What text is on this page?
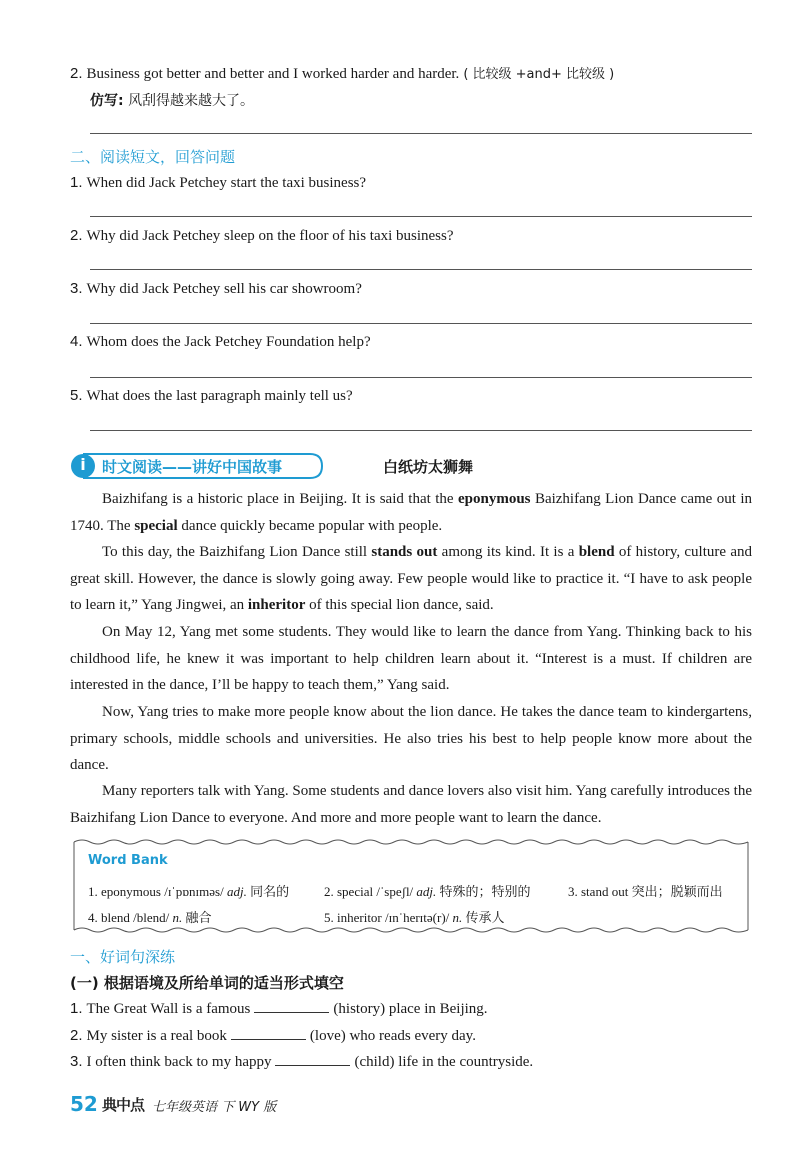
2. Business got better and better and I worked harder and harder. ( 比较级 +and+ 比较级 )
仿写: 风刮得越来越大了。
二、阅读短文，回答问题
1. When did Jack Petchey start the taxi business?
2. Why did Jack Petchey sleep on the floor of his taxi business?
3. Why did Jack Petchey sell his car showroom?
4. Whom does the Jack Petchey Foundation help?
5. What does the last paragraph mainly tell us?
i	时文阅读——讲好中国故事	白纸坊太狮舞
Baizhifang is a historic place in Beijing. It is said that the eponymous Baizhifang Lion Dance came out in 1740. The special dance quickly became popular with people.
To this day, the Baizhifang Lion Dance still stands out among its kind. It is a blend of history, culture and great skill. However, the dance is slowly going away. Few people would like to practice it. “I have to ask people to learn it,” Yang Jingwei, an inheritor of this special lion dance, said.
On May 12, Yang met some students. They would like to learn the dance from Yang. Thinking back to his childhood life, he knew it was important to help children learn about it. “Interest is a must. If children are interested in the dance, I’ll be happy to teach them,” Yang said.
Now, Yang tries to make more people know about the lion dance. He takes the dance team to kindergartens, primary schools, middle schools and universities. He also tries his best to help people know more about the dance.
Many reporters talk with Yang. Some students and dance lovers also visit him. Yang carefully introduces the Baizhifang Lion Dance to everyone. And more and more people want to learn the dance.
Word Bank
1. eponymous /ɪˈpɒnɪməs/ adj. 同名的	2. special /ˈspeʃl/ adj. 特殊的；特别的	3. stand out 突出；脱颖而出
4. blend /blend/ n. 融合	5. inheritor /ɪnˈherɪtə(r)/ n. 传承人
一、好词句深练
(一) 根据语境及所给单词的适当形式填空
1. The Great Wall is a famous	(history) place in Beijing.
2. My sister is a real book	(love) who reads every day.
3. I often think back to my happy	(child) life in the countryside.
52 典中点 七年级英语 下 WY 版
